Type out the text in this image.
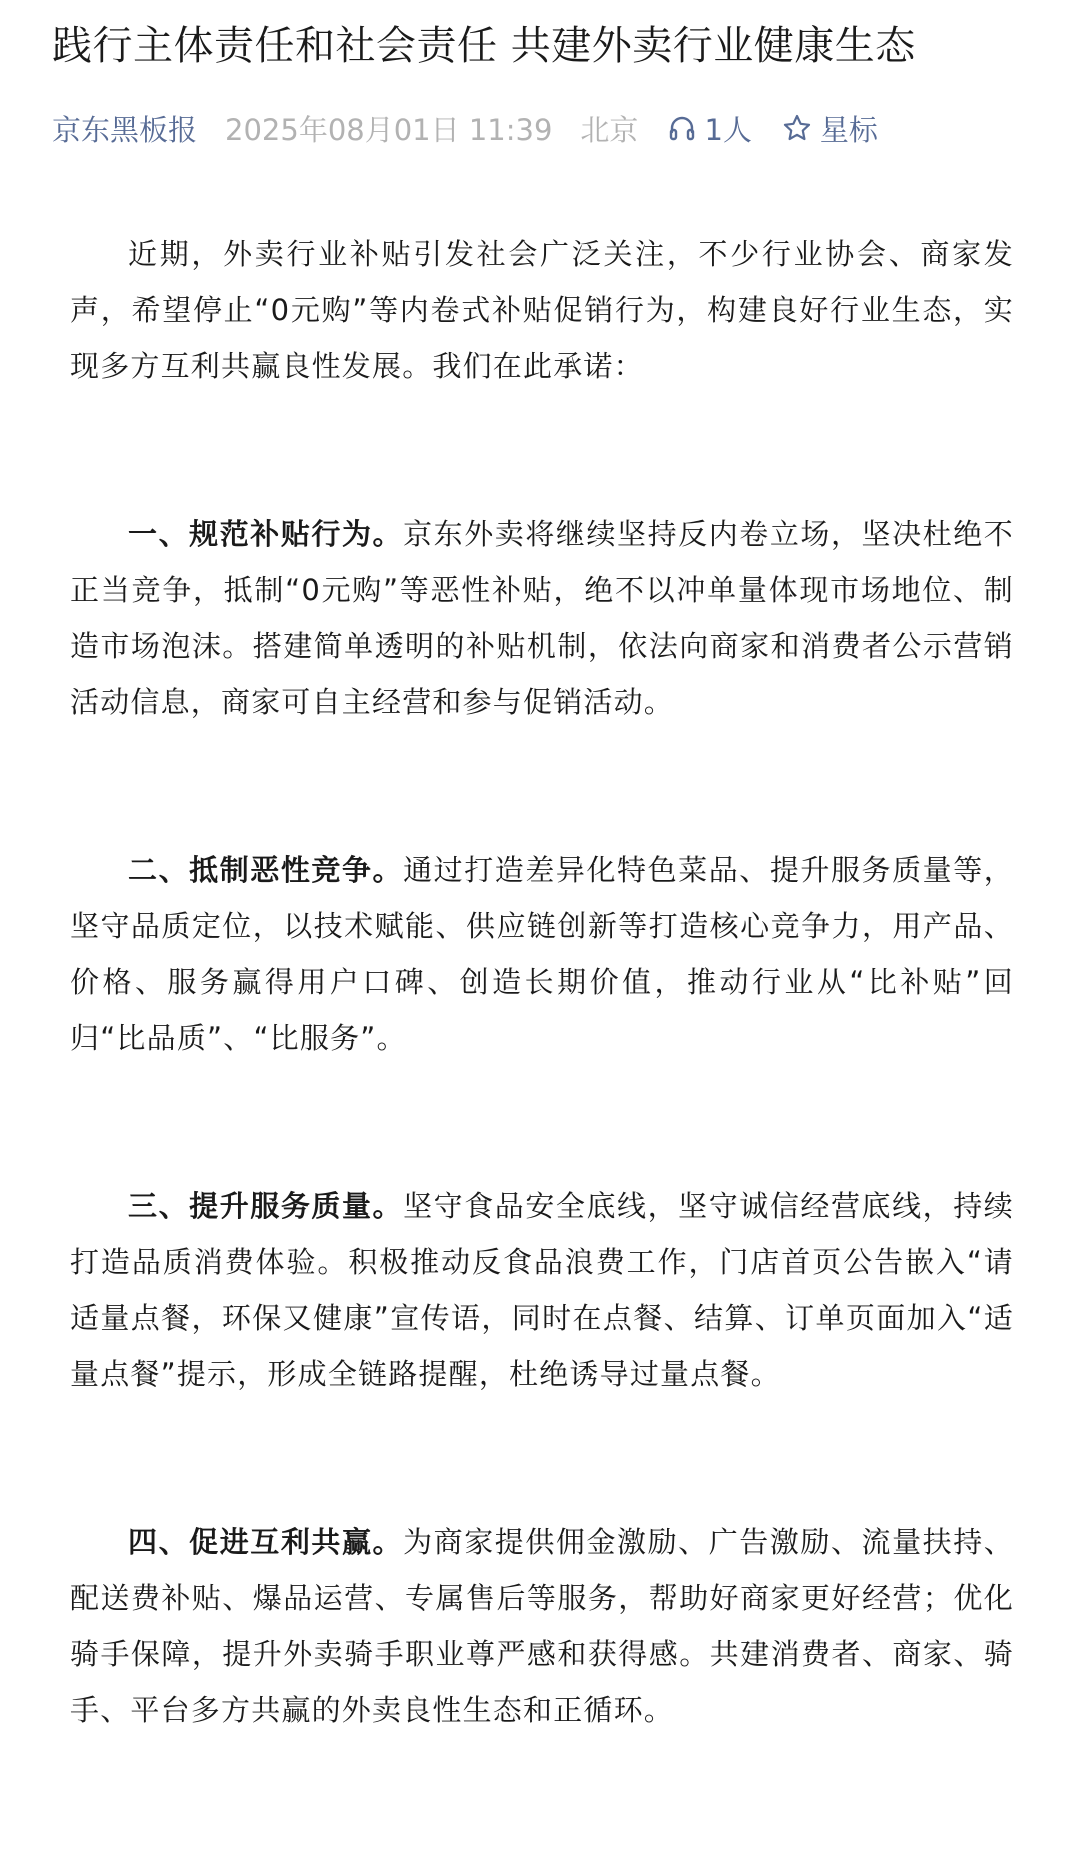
践行主体责任和社会责任 共建外卖行业健康生态
京东黑板报 2025年08月01日 11:39 北京 1人 星标

近期，外卖行业补贴引发社会广泛关注，不少行业协会、商家发声，希望停止“0元购”等内卷式补贴促销行为，构建良好行业生态，实现多方互利共赢良性发展。我们在此承诺：

一、规范补贴行为。京东外卖将继续坚持反内卷立场，坚决杜绝不正当竞争，抵制“0元购”等恶性补贴，绝不以冲单量体现市场地位、制造市场泡沫。搭建简单透明的补贴机制，依法向商家和消费者公示营销活动信息，商家可自主经营和参与促销活动。

二、抵制恶性竞争。通过打造差异化特色菜品、提升服务质量等，坚守品质定位，以技术赋能、供应链创新等打造核心竞争力，用产品、价格、服务赢得用户口碑、创造长期价值，推动行业从“比补贴”回归“比品质”、“比服务”。

三、提升服务质量。坚守食品安全底线，坚守诚信经营底线，持续打造品质消费体验。积极推动反食品浪费工作，门店首页公告嵌入“请适量点餐，环保又健康”宣传语，同时在点餐、结算、订单页面加入“适量点餐”提示，形成全链路提醒，杜绝诱导过量点餐。

四、促进互利共赢。为商家提供佣金激励、广告激励、流量扶持、配送费补贴、爆品运营、专属售后等服务，帮助好商家更好经营；优化骑手保障，提升外卖骑手职业尊严感和获得感。共建消费者、商家、骑手、平台多方共赢的外卖良性生态和正循环。
